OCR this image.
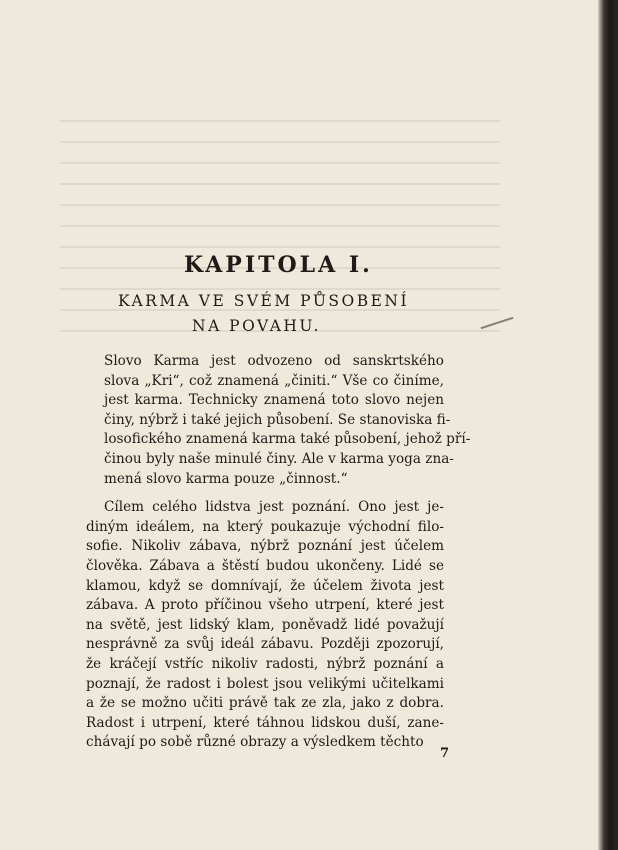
KAPITOLA I.
KARMA VE SVÉM PŮSOBENÍ
NA POVAHU.
Slovo Karma jest odvozeno od sanskrtského
slova „Kri“, což znamená „činiti.“ Vše co činíme,
jest karma. Technicky znamená toto slovo nejen
činy, nýbrž i také jejich působení. Se stanoviska fi-
losofického znamená karma také působení, jehož pří-
činou byly naše minulé činy. Ale v karma yoga zna-
mená slovo karma pouze „činnost.“
Cílem celého lidstva jest poznání. Ono jest je-
diným ideálem, na který poukazuje východní filo-
sofie. Nikoliv zábava, nýbrž poznání jest účelem
člověka. Zábava a štěstí budou ukončeny. Lidé se
klamou, když se domnívají, že účelem života jest
zábava. A proto příčinou všeho utrpení, které jest
na světě, jest lidský klam, poněvadž lidé považují
nesprávně za svůj ideál zábavu. Později zpozorují,
že kráčejí vstříc nikoliv radosti, nýbrž poznání a
poznají, že radost i bolest jsou velikými učitelkami
a že se možno učiti právě tak ze zla, jako z dobra.
Radost i utrpení, které táhnou lidskou duší, zane-
chávají po sobě různé obrazy a výsledkem těchto
7
